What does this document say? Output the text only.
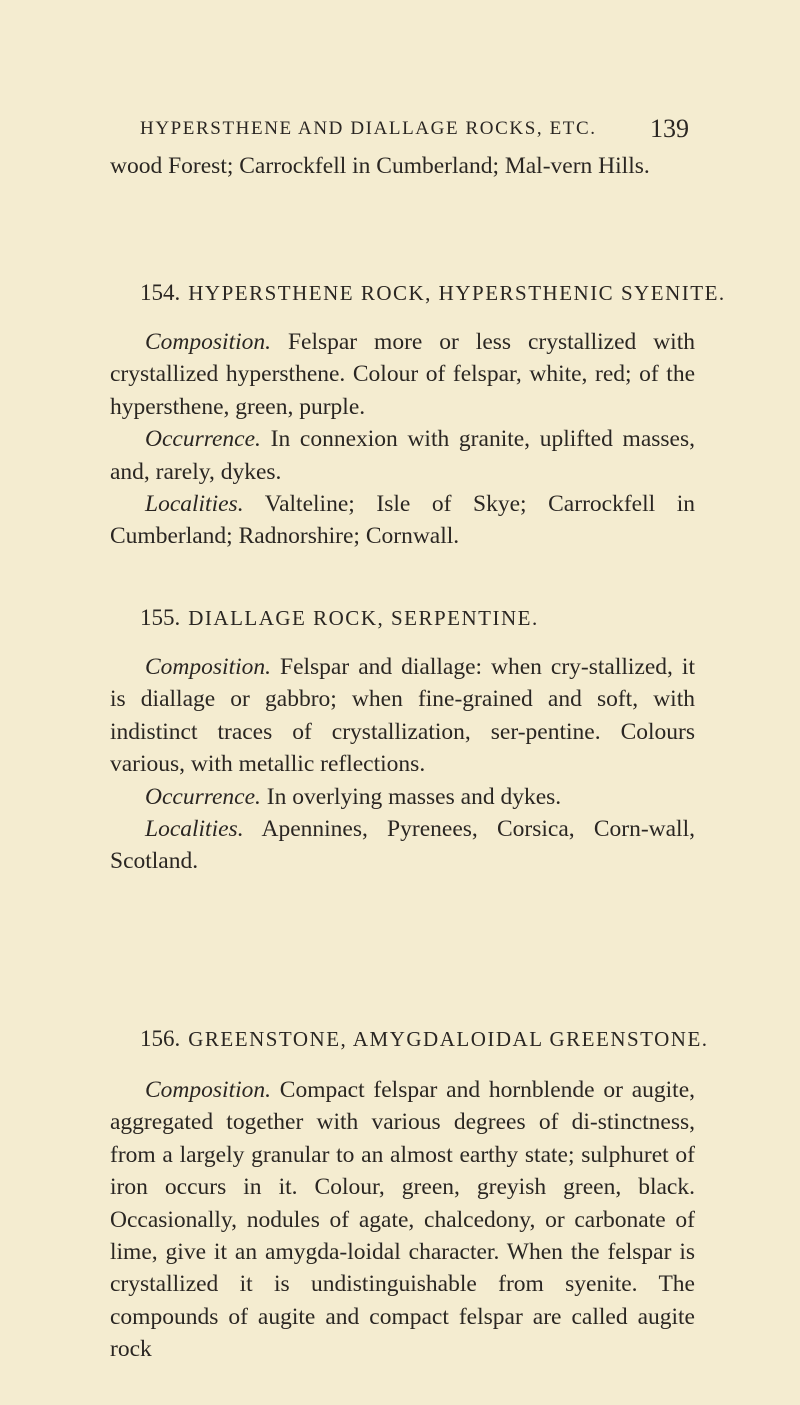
HYPERSTHENE AND DIALLAGE ROCKS, ETC. 139

wood Forest; Carrockfell in Cumberland; Mal-vern Hills.

154. HYPERSTHENE ROCK, HYPERSTHENIC SYENITE.

Composition. Felspar more or less crystallized with crystallized hypersthene. Colour of felspar, white, red; of the hypersthene, green, purple.

Occurrence. In connexion with granite, uplifted masses, and, rarely, dykes.

Localities. Valteline; Isle of Skye; Carrockfell in Cumberland; Radnorshire; Cornwall.

155. DIALLAGE ROCK, SERPENTINE.

Composition. Felspar and diallage: when cry-stallized, it is diallage or gabbro; when fine-grained and soft, with indistinct traces of crystallization, ser-pentine. Colours various, with metallic reflections.

Occurrence. In overlying masses and dykes.

Localities. Apennines, Pyrenees, Corsica, Corn-wall, Scotland.

156. GREENSTONE, AMYGDALOIDAL GREENSTONE.

Composition. Compact felspar and hornblende or augite, aggregated together with various degrees of di-stinctness, from a largely granular to an almost earthy state; sulphuret of iron occurs in it. Colour, green, greyish green, black. Occasionally, nodules of agate, chalcedony, or carbonate of lime, give it an amygda-loidal character. When the felspar is crystallized it is undistinguishable from syenite. The compounds of augite and compact felspar are called augite rock
